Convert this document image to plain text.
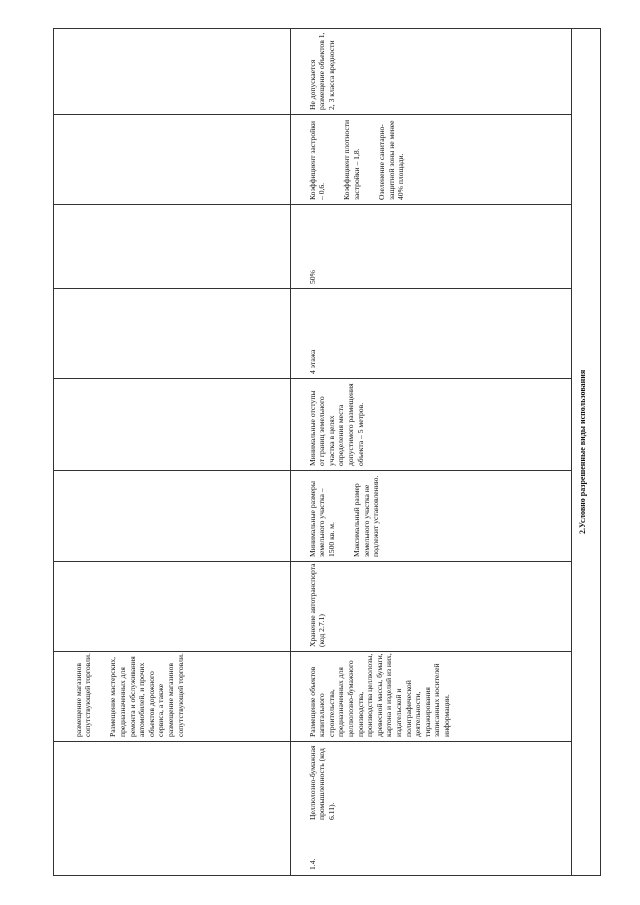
размещение магазинов сопутствующей торговли. Размещение мастерских, предназначенных для ремонта и обслуживания автомобилей, и прочих объектов дорожного сервиса, а также размещение магазинов сопутствующей торговли.

Не допускается размещение объектов 1, 2, 3 класса вредности

1.4.

Целлюлозно-бумажная промышленность (код 6.11).

Размещение объектов капитального строительства, предназначенных для целлюлозно-бумажного производства, производства целлюлозы, древесной массы, бумаги, картона и изделий из них, издательской и полиграфической деятельности, тиражирования записанных носителей информации.

Хранение автотранспорта (код 2.7.1)

Минимальные размеры земельного участка – 1500 кв. м. Максимальный размер земельного участка не подлежит установлению.

Минимальные отступы от границ земельного участка в целях определения места допустимого размещения объекта – 5 метров.

4 этажа

50%

Коэффициент застройки – 0,6. Коэффициент плотности застройки – 1,8. Озеленение санитарно-защитной зоны не менее 40% площади.

2.Условно разрешенные виды использования
